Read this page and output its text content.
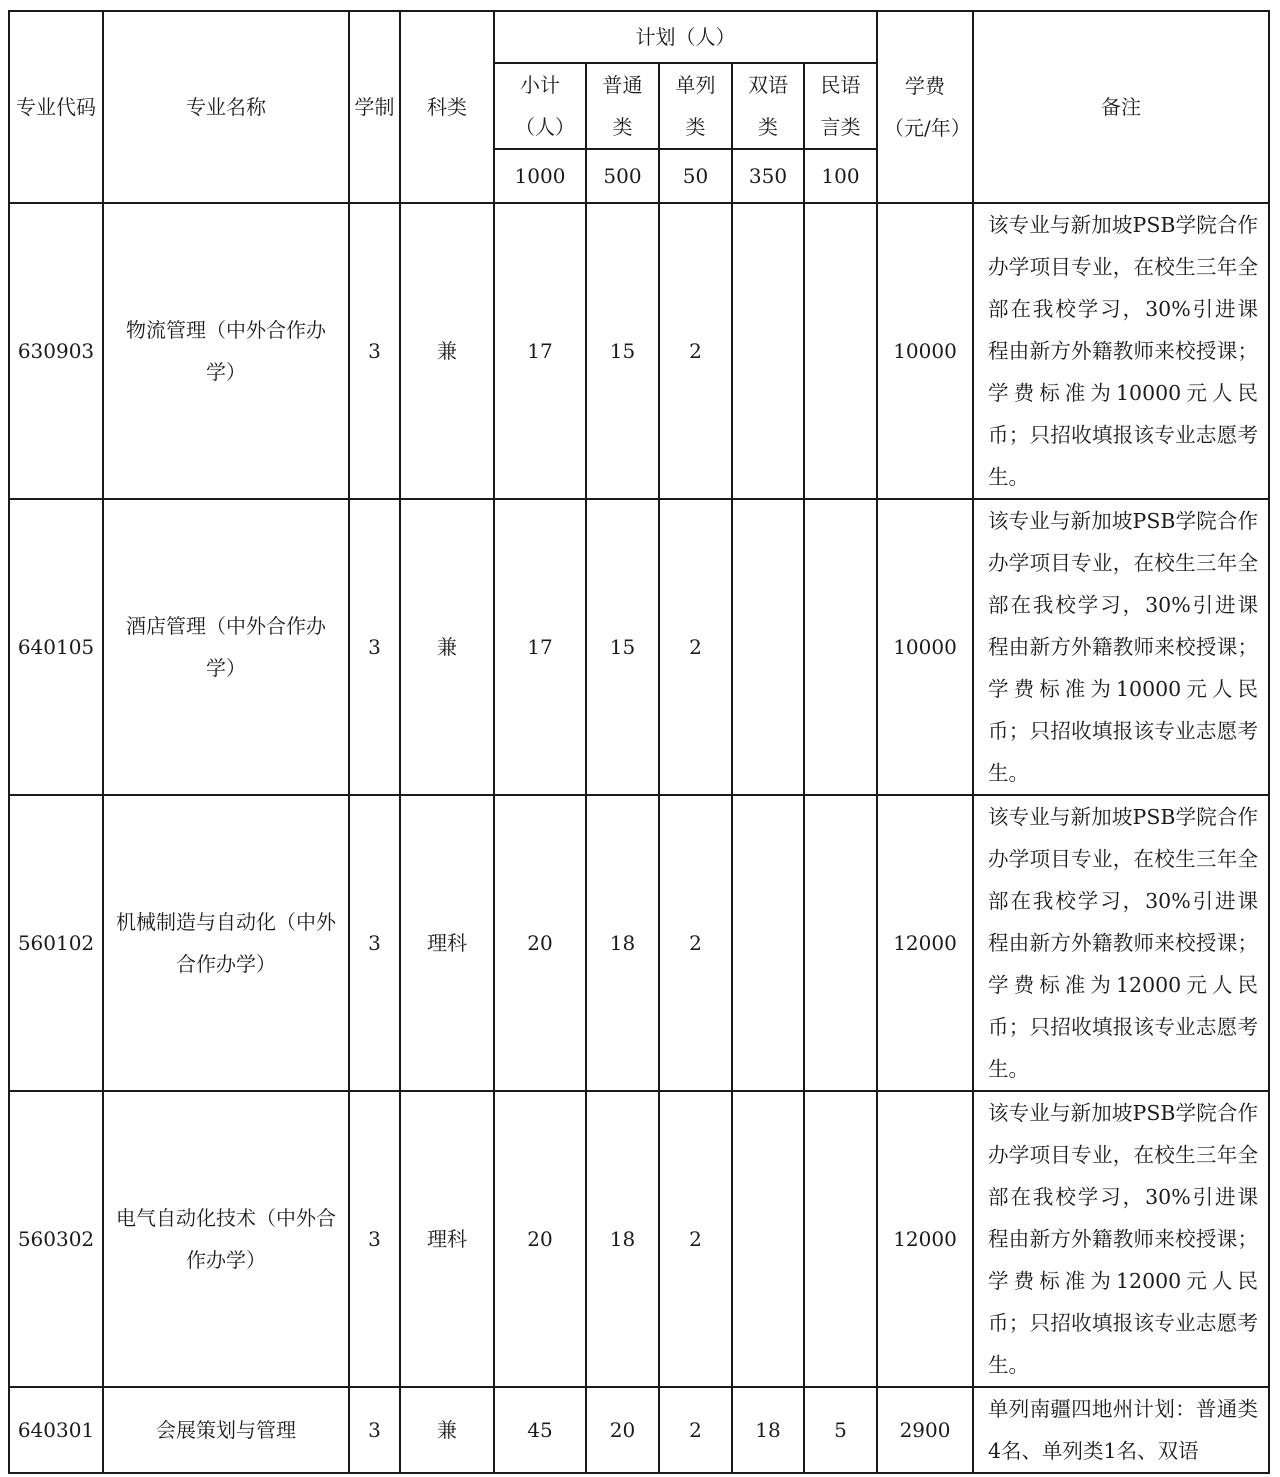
专业代码	专业名称	学制	科类	计划（人）					学费（元/年）	备注
				小计（人）	普通类	单列类	双语类	民语言类		
				1000	500	50	350	100		
630903	物流管理（中外合作办学）	3	兼	17	15	2			10000	该专业与新加坡PSB学院合作办学项目专业，在校生三年全部在我校学习，30%引进课程由新方外籍教师来校授课；学费标准为10000元人民币；只招收填报该专业志愿考生。
640105	酒店管理（中外合作办学）	3	兼	17	15	2			10000	该专业与新加坡PSB学院合作办学项目专业，在校生三年全部在我校学习，30%引进课程由新方外籍教师来校授课；学费标准为10000元人民币；只招收填报该专业志愿考生。
560102	机械制造与自动化（中外合作办学）	3	理科	20	18	2			12000	该专业与新加坡PSB学院合作办学项目专业，在校生三年全部在我校学习，30%引进课程由新方外籍教师来校授课；学费标准为12000元人民币；只招收填报该专业志愿考生。
560302	电气自动化技术（中外合作办学）	3	理科	20	18	2			12000	该专业与新加坡PSB学院合作办学项目专业，在校生三年全部在我校学习，30%引进课程由新方外籍教师来校授课；学费标准为12000元人民币；只招收填报该专业志愿考生。
640301	会展策划与管理	3	兼	45	20	2	18	5	2900	单列南疆四地州计划：普通类4名、单列类1名、双语
